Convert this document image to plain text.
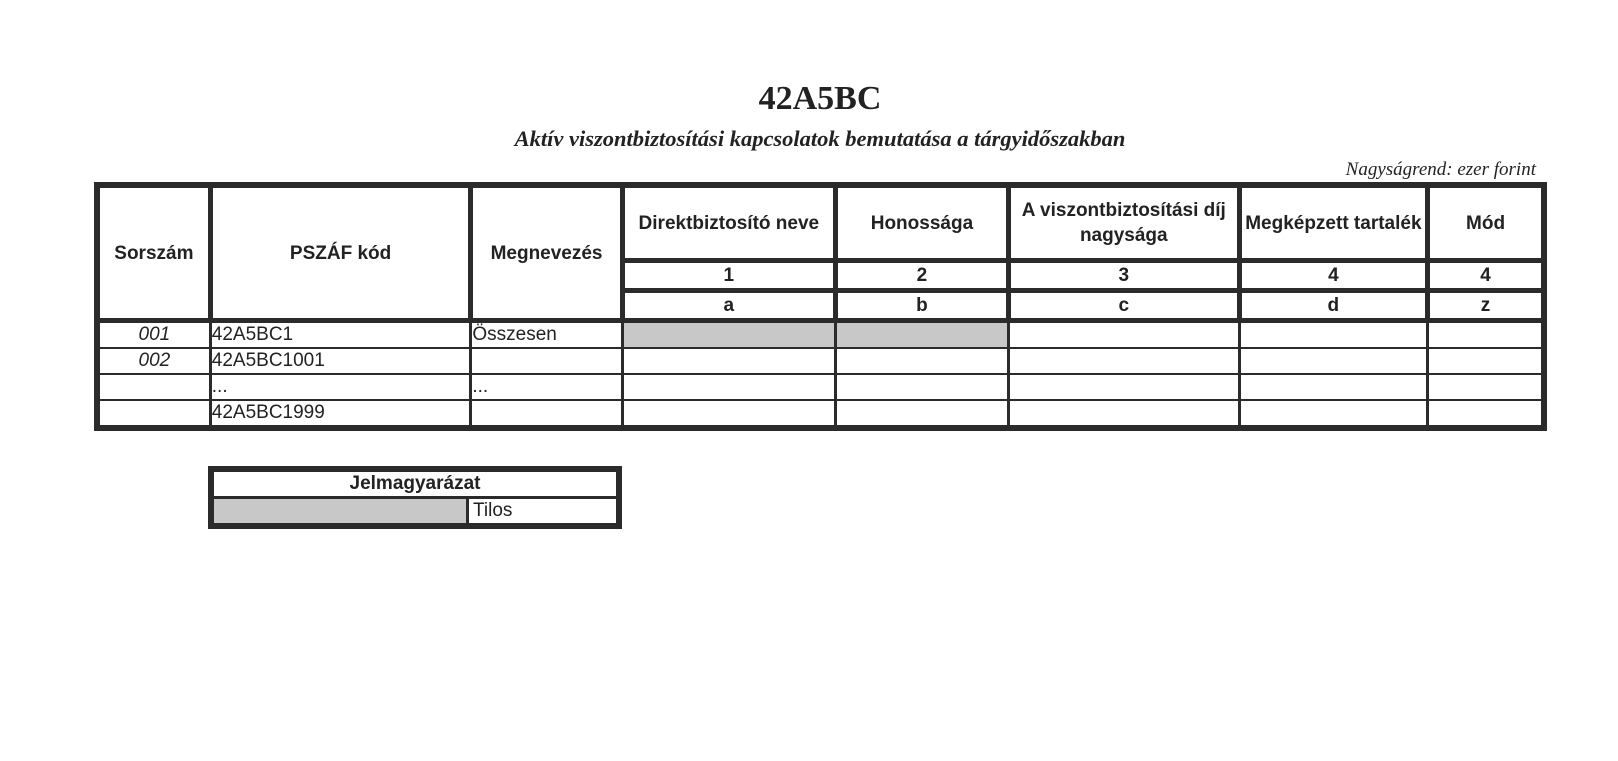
42A5BC
Aktív viszontbiztosítási kapcsolatok bemutatása a tárgyidőszakban
Nagyságrend: ezer forint
Sorszám	PSZÁF kód	Megnevezés	Direktbiztosító neve	Honossága	A viszontbiztosítási díj nagysága	Megképzett tartalék	Mód
			1	2	3	4	4
			a	b	c	d	z
001	42A5BC1	Összesen					
002	42A5BC1001						
	...	...					
	42A5BC1999						
Jelmagyarázat
	Tilos
